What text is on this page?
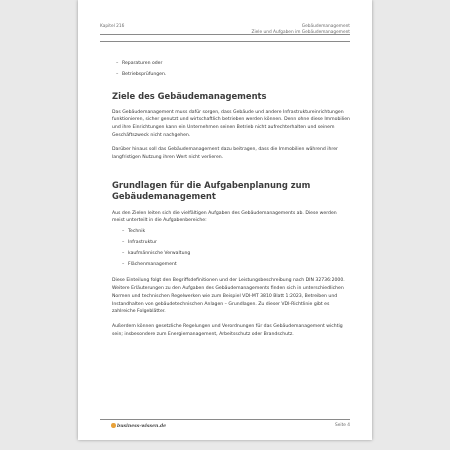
Kapitel 216	Gebäudemanagement
Ziele und Aufgaben im Gebäudemanagement
– Reparaturen oder
– Betriebsprüfungen.
Ziele des Gebäudemanagements

Das Gebäudemanagement muss dafür sorgen, dass Gebäude und andere Infrastruktureinrichtungen funktionieren, sicher genutzt und wirtschaftlich betrieben werden können. Denn ohne diese Immobilien und ihre Einrichtungen kann ein Unternehmen seinen Betrieb nicht aufrechterhalten und seinem Geschäftszweck nicht nachgehen.

Darüber hinaus soll das Gebäudemanagement dazu beitragen, dass die Immobilien während ihrer langfristigen Nutzung ihren Wert nicht verlieren.

Grundlagen für die Aufgabenplanung zum Gebäudemanagement

Aus den Zielen leiten sich die vielfältigen Aufgaben des Gebäudemanagements ab. Diese werden meist unterteilt in die Aufgabenbereiche:

– Technik
– Infrastruktur
– kaufmännische Verwaltung
– Flächenmanagement

Diese Einteilung folgt den Begriffsdefinitionen und der Leistungsbeschreibung nach DIN 32736:2000. Weitere Erläuterungen zu den Aufgaben des Gebäudemanagements finden sich in unterschiedlichen Normen und technischen Regelwerken wie zum Beispiel VDI-MT 3810 Blatt 1:2023, Betreiben und Instandhalten von gebäudetechnischen Anlagen – Grundlagen. Zu dieser VDI-Richtlinie gibt es zahlreiche Folgeblätter.

Außerdem können gesetzliche Regelungen und Verordnungen für das Gebäudemanagement wichtig sein; insbesondere zum Energiemanagement, Arbeitsschutz oder Brandschutz.

business-wissen.de	Seite 4
